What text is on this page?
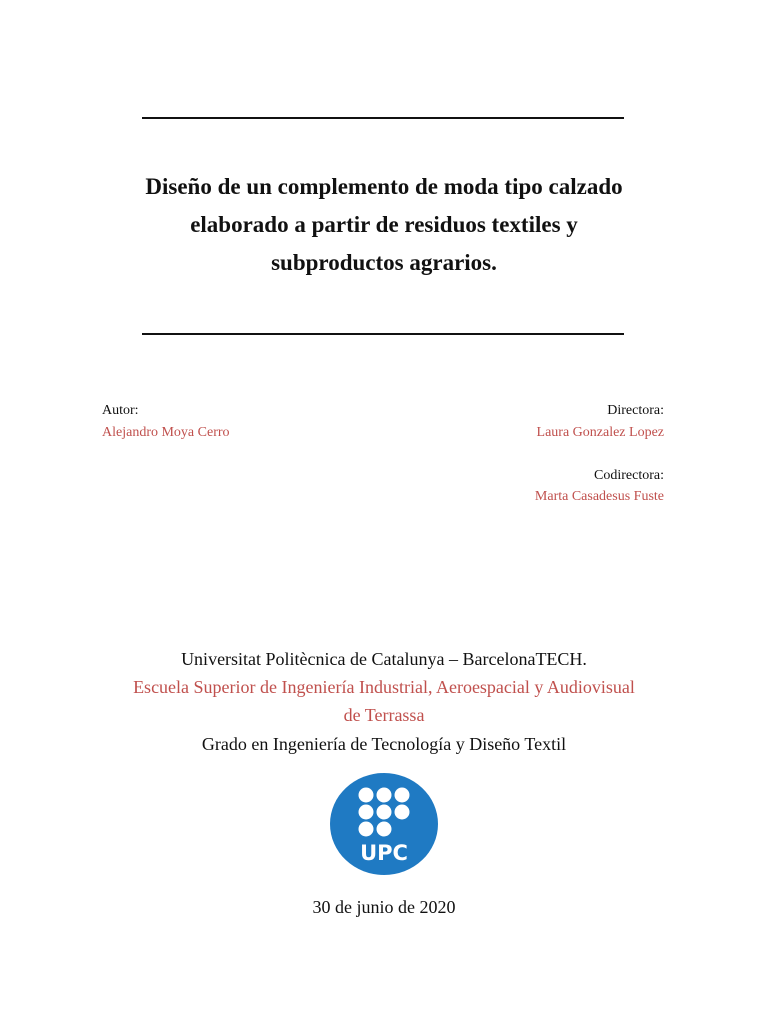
Diseño de un complemento de moda tipo calzado
elaborado a partir de residuos textiles y
subproductos agrarios.
Autor:
Alejandro Moya Cerro
Directora:
Laura Gonzalez Lopez
Codirectora:
Marta Casadesus Fuste
Universitat Politècnica de Catalunya – BarcelonaTECH.
Escuela Superior de Ingeniería Industrial, Aeroespacial y Audiovisual
de Terrassa
Grado en Ingeniería de Tecnología y Diseño Textil
UPC
30 de junio de 2020
